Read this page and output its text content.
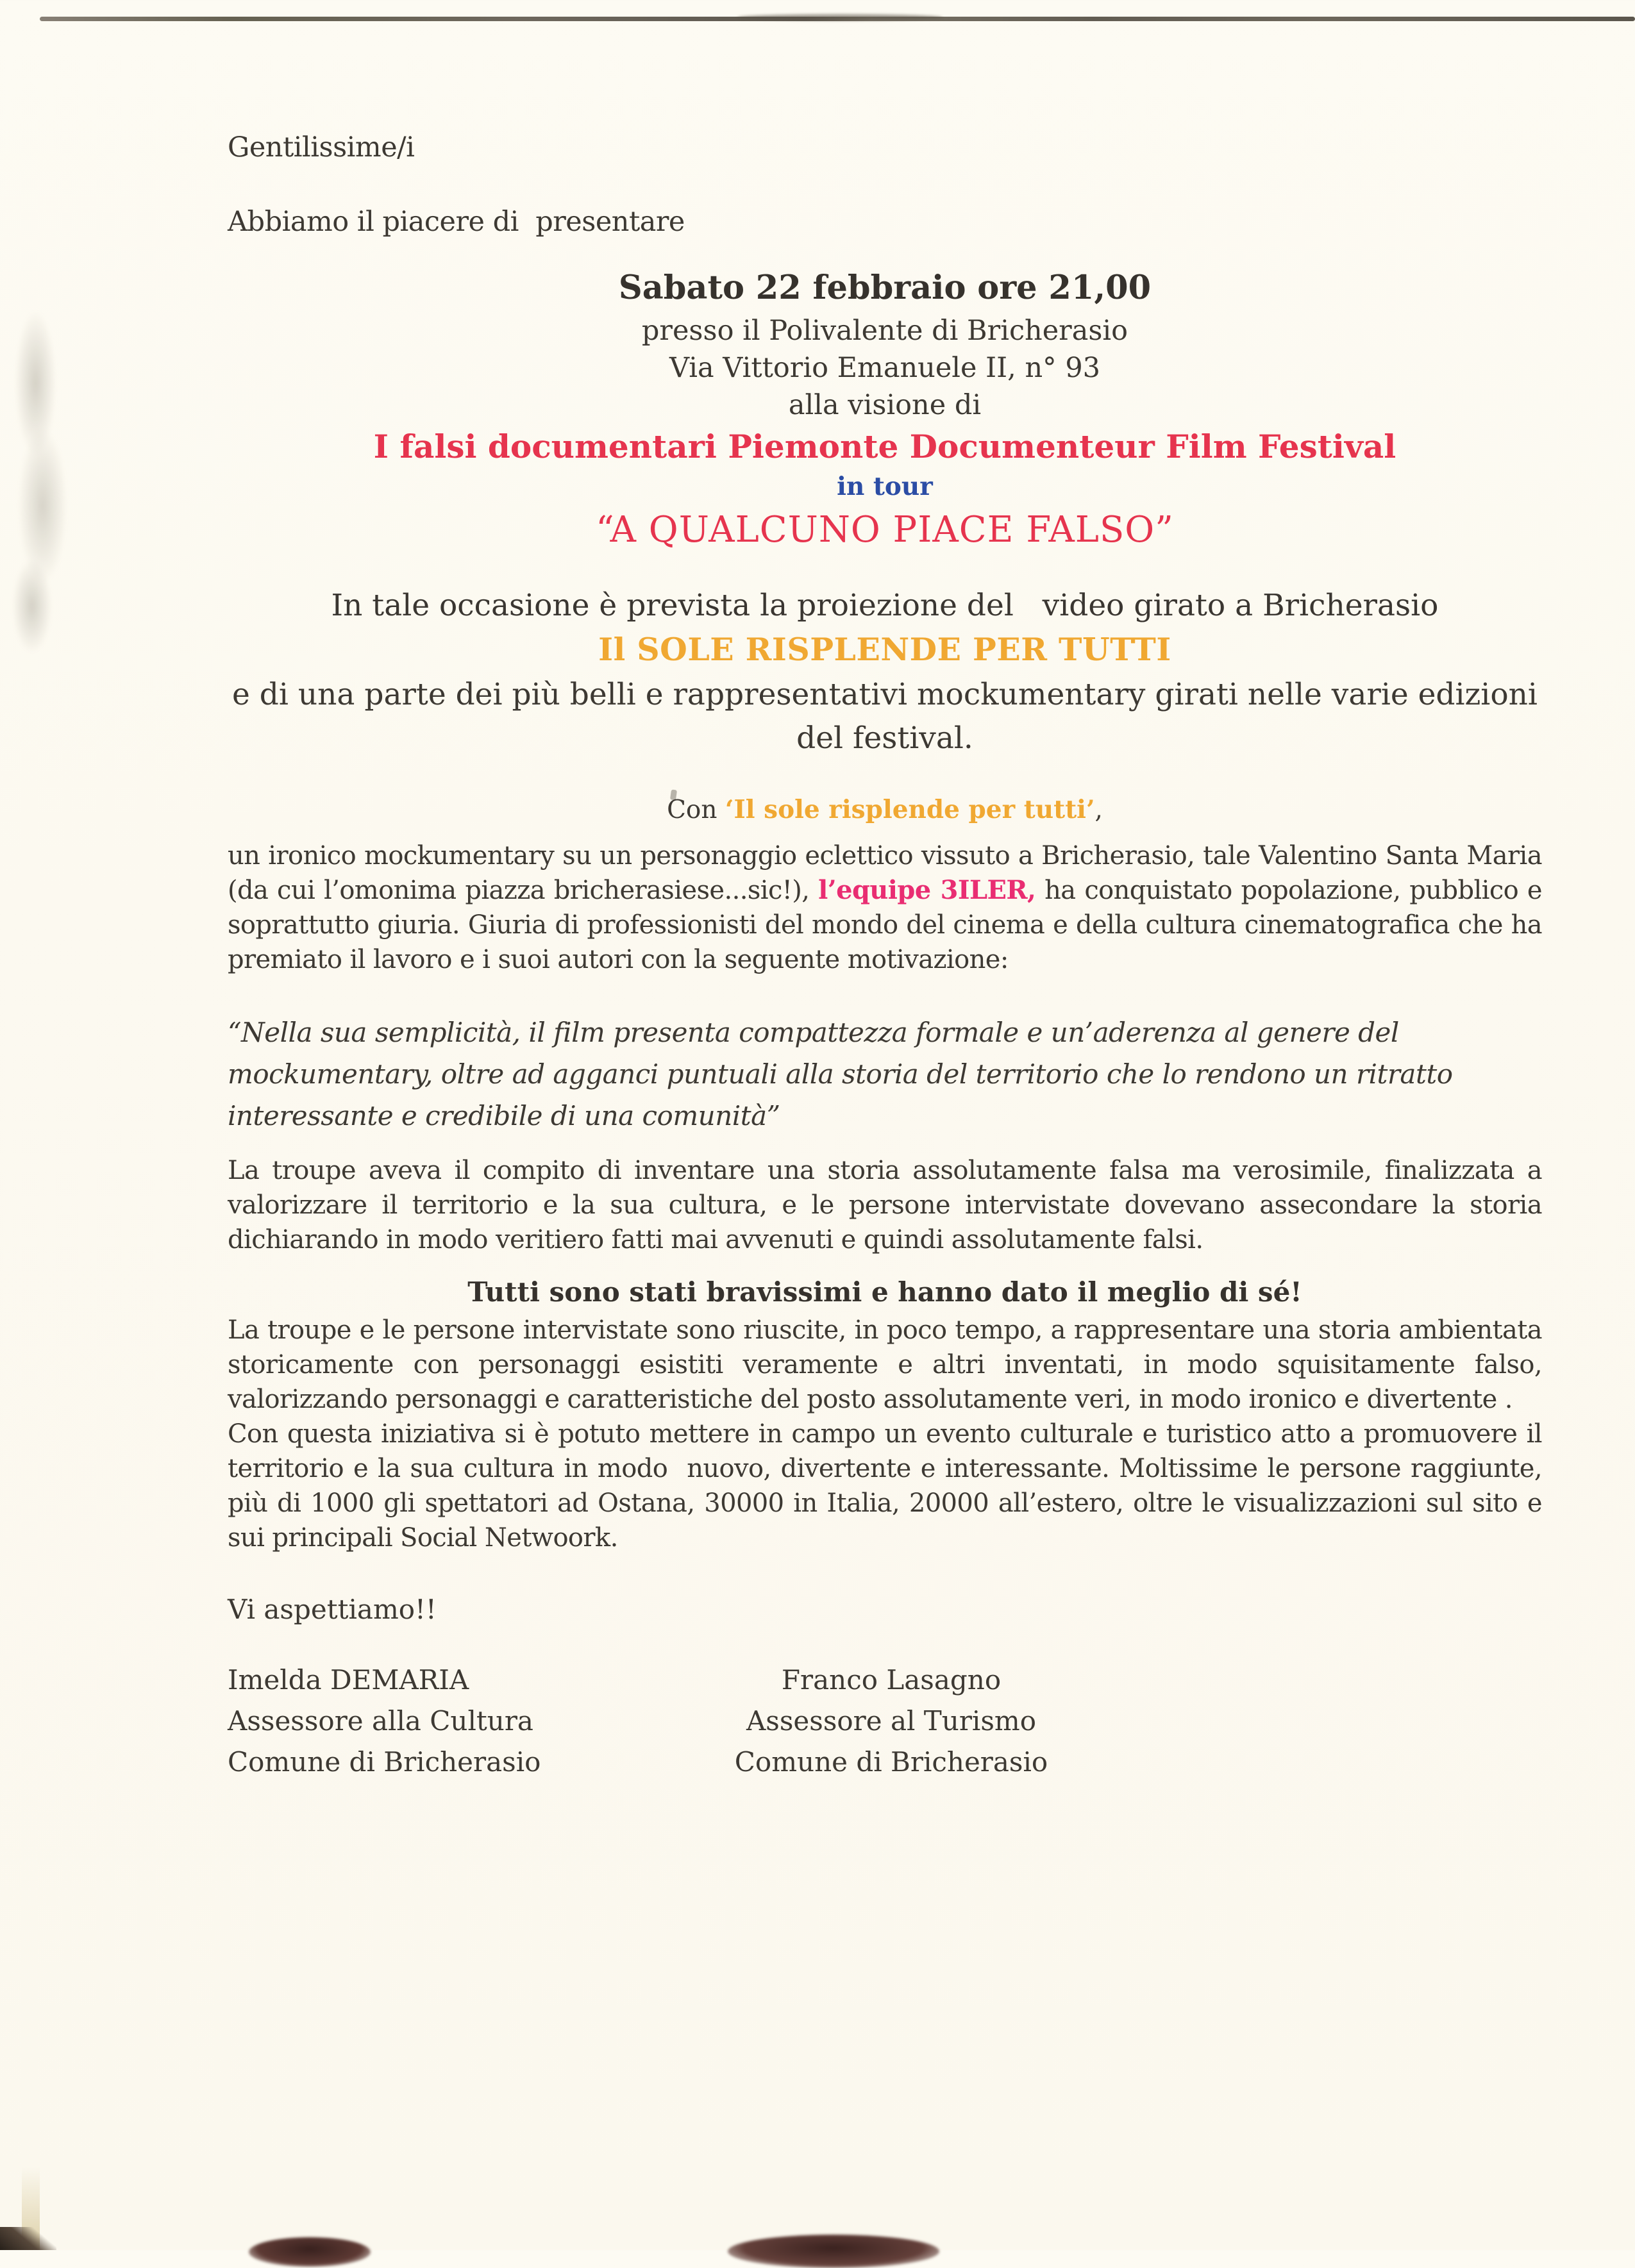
Gentilissime/i
Abbiamo il piacere di  presentare
Sabato 22 febbraio ore 21,00
presso il Polivalente di Bricherasio
Via Vittorio Emanuele II, n° 93
alla visione di
I falsi documentari Piemonte Documenteur Film Festival
in tour
“A QUALCUNO PIACE FALSO”
In tale occasione è prevista la proiezione del   video girato a Bricherasio
Il SOLE RISPLENDE PER TUTTI
e di una parte dei più belli e rappresentativi mockumentary girati nelle varie edizioni del festival.
Con ‘Il sole risplende per tutti’,
un ironico mockumentary su un personaggio eclettico vissuto a Bricherasio, tale Valentino Santa Maria (da cui l’omonima piazza bricherasiese...sic!), l’equipe 3ILER, ha conquistato popolazione, pubblico e soprattutto giuria. Giuria di professionisti del mondo del cinema e della cultura cinematografica che ha premiato il lavoro e i suoi autori con la seguente motivazione:
“Nella sua semplicità, il film presenta compattezza formale e un’aderenza al genere del mockumentary, oltre ad agganci puntuali alla storia del territorio che lo rendono un ritratto interessante e credibile di una comunità”
La troupe aveva il compito di inventare una storia assolutamente falsa ma verosimile, finalizzata a valorizzare il territorio e la sua cultura, e le persone intervistate dovevano assecondare la storia dichiarando in modo veritiero fatti mai avvenuti e quindi assolutamente falsi.
Tutti sono stati bravissimi e hanno dato il meglio di sé!
La troupe e le persone intervistate sono riuscite, in poco tempo, a rappresentare una storia ambientata storicamente con personaggi esistiti veramente e altri inventati, in modo squisitamente falso, valorizzando personaggi e caratteristiche del posto assolutamente veri, in modo ironico e divertente .
Con questa iniziativa si è potuto mettere in campo un evento culturale e turistico atto a promuovere il territorio e la sua cultura in modo  nuovo, divertente e interessante. Moltissime le persone raggiunte, più di 1000 gli spettatori ad Ostana, 30000 in Italia, 20000 all’estero, oltre le visualizzazioni sul sito e sui principali Social Netwoork.
Vi aspettiamo!!
Imelda DEMARIA
Assessore alla Cultura
Comune di Bricherasio
Franco Lasagno
Assessore al Turismo
Comune di Bricherasio
